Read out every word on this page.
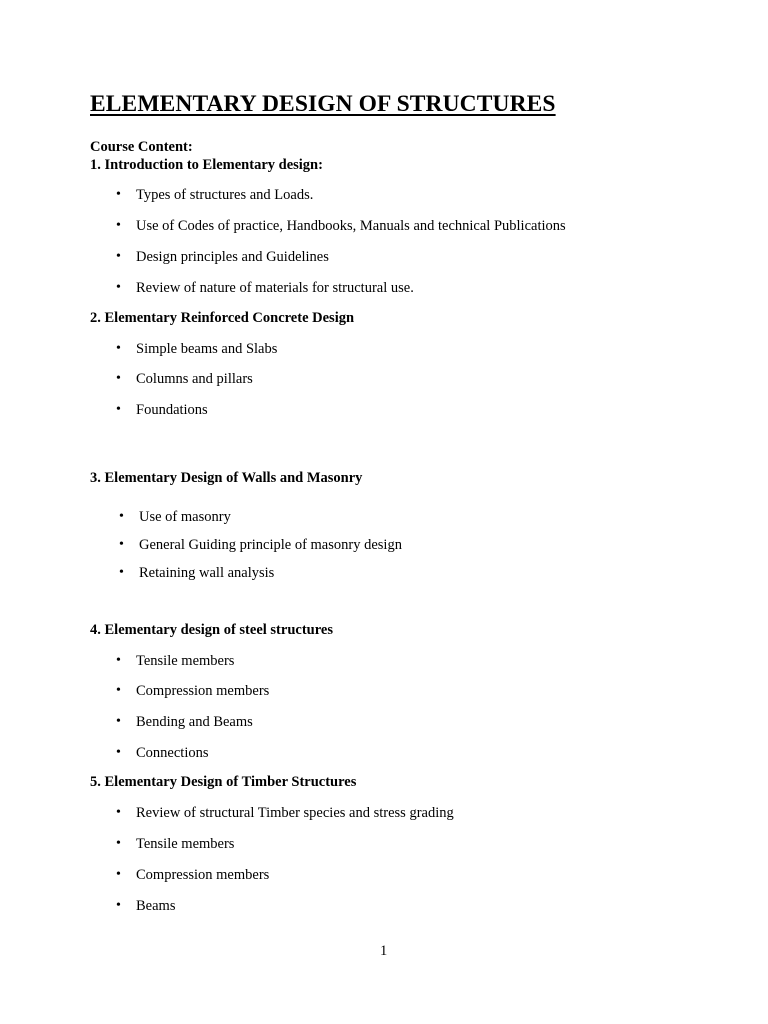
ELEMENTARY DESIGN OF STRUCTURES
Course Content:
1. Introduction to Elementary design:
• Types of structures and Loads.
• Use of Codes of practice, Handbooks, Manuals and technical Publications
• Design principles and Guidelines
• Review of nature of materials for structural use.
2. Elementary Reinforced Concrete Design
• Simple beams and Slabs
• Columns and pillars
• Foundations
3. Elementary Design of Walls and Masonry
• Use of masonry
• General Guiding principle of masonry design
• Retaining wall analysis
4. Elementary design of steel structures
• Tensile members
• Compression members
• Bending and Beams
• Connections
5. Elementary Design of Timber Structures
• Review of structural Timber species and stress grading
• Tensile members
• Compression members
• Beams
1
